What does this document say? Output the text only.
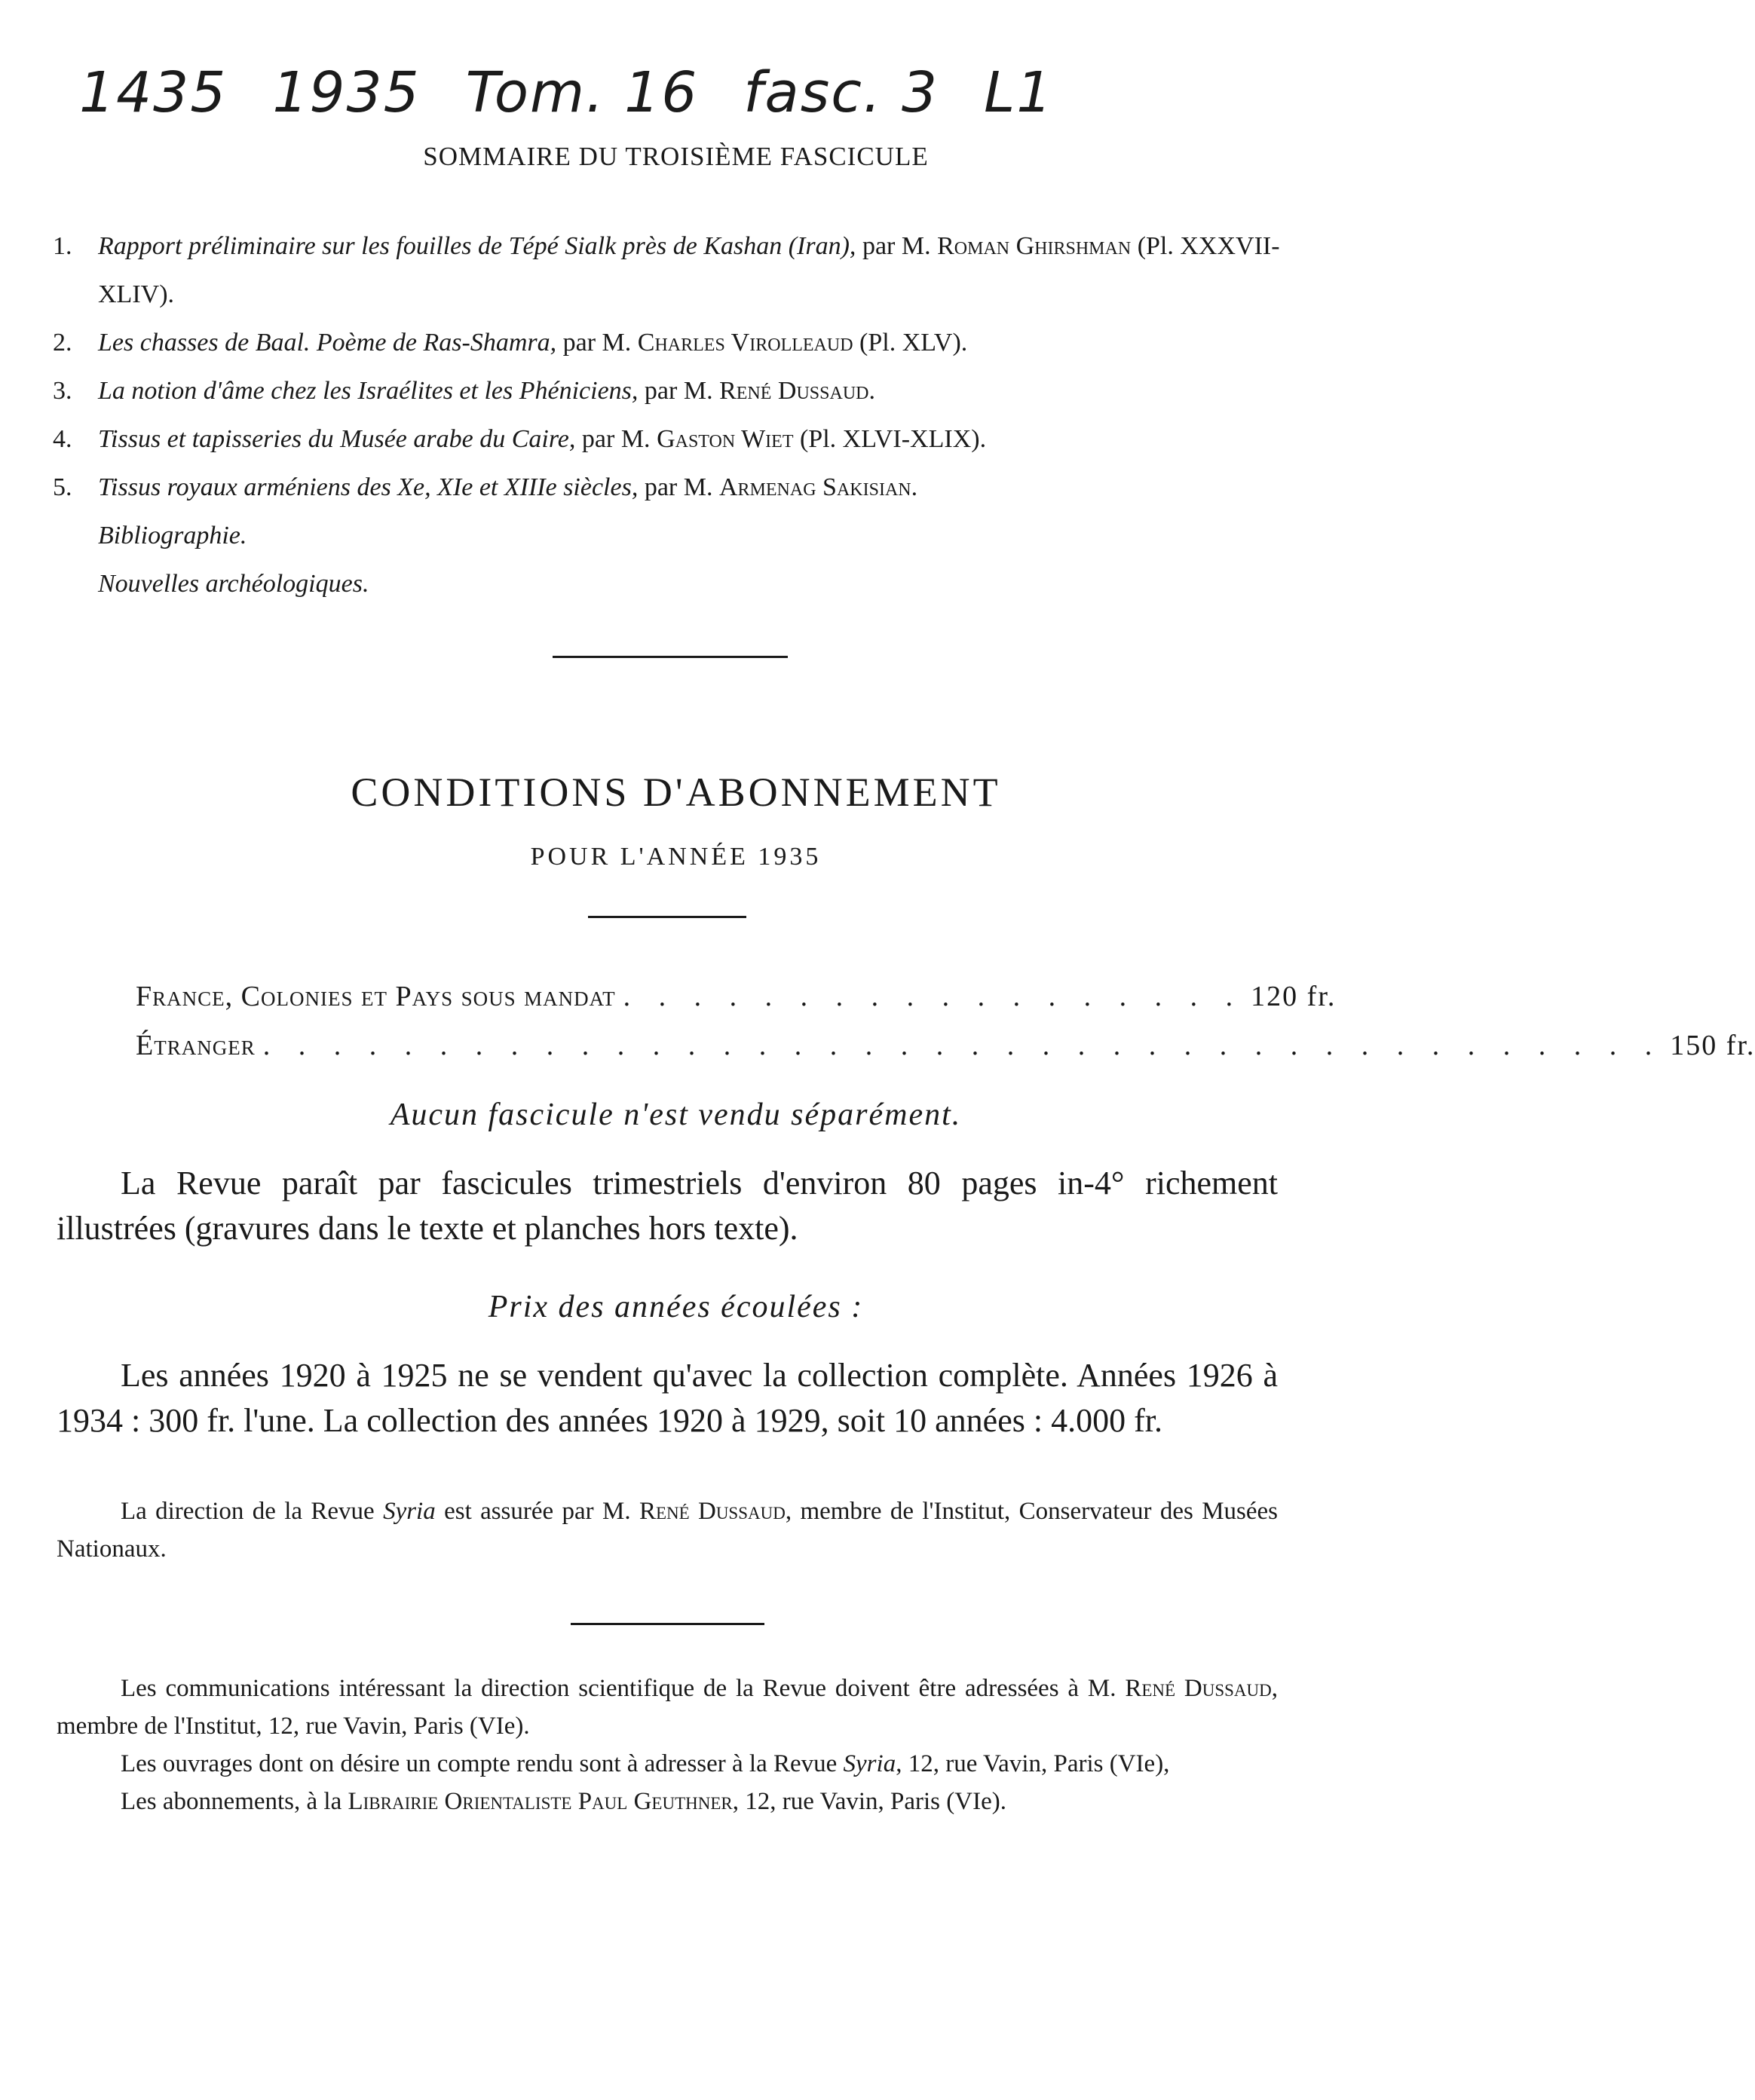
1435 1935 Tom. 16 fasc. 3 L1
SOMMAIRE DU TROISIÈME FASCICULE
1.	Rapport préliminaire sur les fouilles de Tépé Sialk près de Kashan (Iran), par M. Roman Ghirshman (Pl. XXXVII-XLIV).
2.	Les chasses de Baal. Poème de Ras-Shamra, par M. Charles Virolleaud (Pl. XLV).
3.	La notion d'âme chez les Israélites et les Phéniciens, par M. René Dussaud.
4.	Tissus et tapisseries du Musée arabe du Caire, par M. Gaston Wiet (Pl. XLVI-XLIX).
5.	Tissus royaux arméniens des Xe, XIe et XIIIe siècles, par M. Armenag Sakisian.
Bibliographie.
Nouvelles archéologiques.
CONDITIONS D'ABONNEMENT
POUR L'ANNÉE 1935
France, Colonies et Pays sous mandat . . . . . . . . . . . . . . . . . . 120 fr.
Étranger . . . . . . . . . . . . . . . . . . . . . . . . . . . . . . . . . . . . . . . . 150 fr.
Aucun fascicule n'est vendu séparément.

La Revue paraît par fascicules trimestriels d'environ 80 pages in-4° richement illustrées (gravures dans le texte et planches hors texte).

Prix des années écoulées :

Les années 1920 à 1925 ne se vendent qu'avec la collection complète. Années 1926 à 1934 : 300 fr. l'une. La collection des années 1920 à 1929, soit 10 années : 4.000 fr.

La direction de la Revue Syria est assurée par M. René Dussaud, membre de l'Institut, Conservateur des Musées Nationaux.

Les communications intéressant la direction scientifique de la Revue doivent être adressées à M. René Dussaud, membre de l'Institut, 12, rue Vavin, Paris (VIe).

Les ouvrages dont on désire un compte rendu sont à adresser à la Revue Syria, 12, rue Vavin, Paris (VIe),

Les abonnements, à la Librairie Orientaliste Paul Geuthner, 12, rue Vavin, Paris (VIe).
